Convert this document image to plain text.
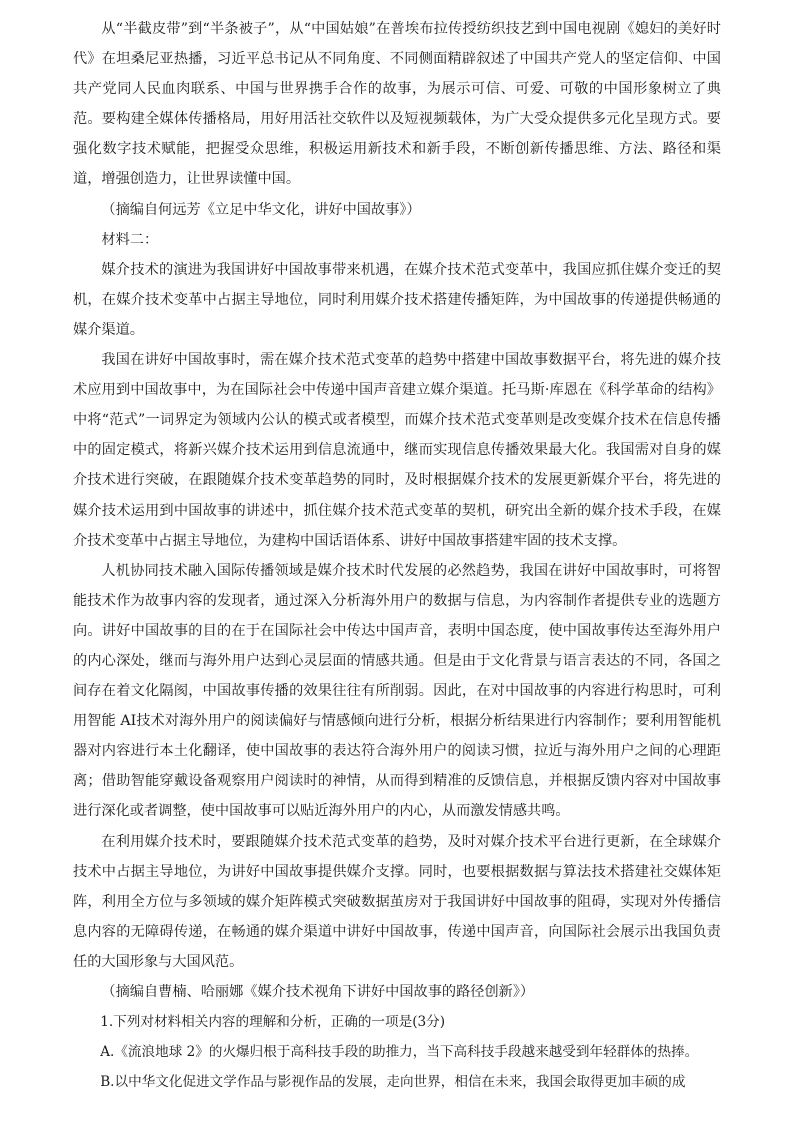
从“半截皮带”到“半条被子”，从“中国姑娘”在普埃布拉传授纺织技艺到中国电视剧《媳妇的美好时代》在坦桑尼亚热播，习近平总书记从不同角度、不同侧面精辟叙述了中国共产党人的坚定信仰、中国共产党同人民血肉联系、中国与世界携手合作的故事，为展示可信、可爱、可敬的中国形象树立了典范。要构建全媒体传播格局，用好用活社交软件以及短视频载体，为广大受众提供多元化呈现方式。要强化数字技术赋能，把握受众思维，积极运用新技术和新手段，不断创新传播思维、方法、路径和渠道，增强创造力，让世界读懂中国。

（摘编自何远芳《立足中华文化，讲好中国故事》）

材料二：

媒介技术的演进为我国讲好中国故事带来机遇，在媒介技术范式变革中，我国应抓住媒介变迁的契机，在媒介技术变革中占据主导地位，同时利用媒介技术搭建传播矩阵，为中国故事的传递提供畅通的媒介渠道。

我国在讲好中国故事时，需在媒介技术范式变革的趋势中搭建中国故事数据平台，将先进的媒介技术应用到中国故事中，为在国际社会中传递中国声音建立媒介渠道。托马斯·库恩在《科学革命的结构》中将“范式”一词界定为领域内公认的模式或者模型，而媒介技术范式变革则是改变媒介技术在信息传播中的固定模式，将新兴媒介技术运用到信息流通中，继而实现信息传播效果最大化。我国需对自身的媒介技术进行突破，在跟随媒介技术变革趋势的同时，及时根据媒介技术的发展更新媒介平台，将先进的媒介技术运用到中国故事的讲述中，抓住媒介技术范式变革的契机，研究出全新的媒介技术手段，在媒介技术变革中占据主导地位，为建构中国话语体系、讲好中国故事搭建牢固的技术支撑。

人机协同技术融入国际传播领域是媒介技术时代发展的必然趋势，我国在讲好中国故事时，可将智能技术作为故事内容的发现者，通过深入分析海外用户的数据与信息，为内容制作者提供专业的选题方向。讲好中国故事的目的在于在国际社会中传达中国声音，表明中国态度，使中国故事传达至海外用户的内心深处，继而与海外用户达到心灵层面的情感共通。但是由于文化背景与语言表达的不同，各国之间存在着文化隔阂，中国故事传播的效果往往有所削弱。因此，在对中国故事的内容进行构思时，可利用智能 AI技术对海外用户的阅读偏好与情感倾向进行分析，根据分析结果进行内容制作；要利用智能机器对内容进行本土化翻译，使中国故事的表达符合海外用户的阅读习惯，拉近与海外用户之间的心理距离；借助智能穿戴设备观察用户阅读时的神情，从而得到精准的反馈信息，并根据反馈内容对中国故事进行深化或者调整，使中国故事可以贴近海外用户的内心，从而激发情感共鸣。

在利用媒介技术时，要跟随媒介技术范式变革的趋势，及时对媒介技术平台进行更新，在全球媒介技术中占据主导地位，为讲好中国故事提供媒介支撑。同时，也要根据数据与算法技术搭建社交媒体矩阵，利用全方位与多领域的媒介矩阵模式突破数据茧房对于我国讲好中国故事的阻碍，实现对外传播信息内容的无障碍传递，在畅通的媒介渠道中讲好中国故事，传递中国声音，向国际社会展示出我国负责任的大国形象与大国风范。

（摘编自曹楠、哈丽娜《媒介技术视角下讲好中国故事的路径创新》）

1.下列对材料相关内容的理解和分析，正确的一项是(3分)

A.《流浪地球 2》的火爆归根于高科技手段的助推力，当下高科技手段越来越受到年轻群体的热捧。

B.以中华文化促进文学作品与影视作品的发展，走向世界，相信在未来，我国会取得更加丰硕的成
